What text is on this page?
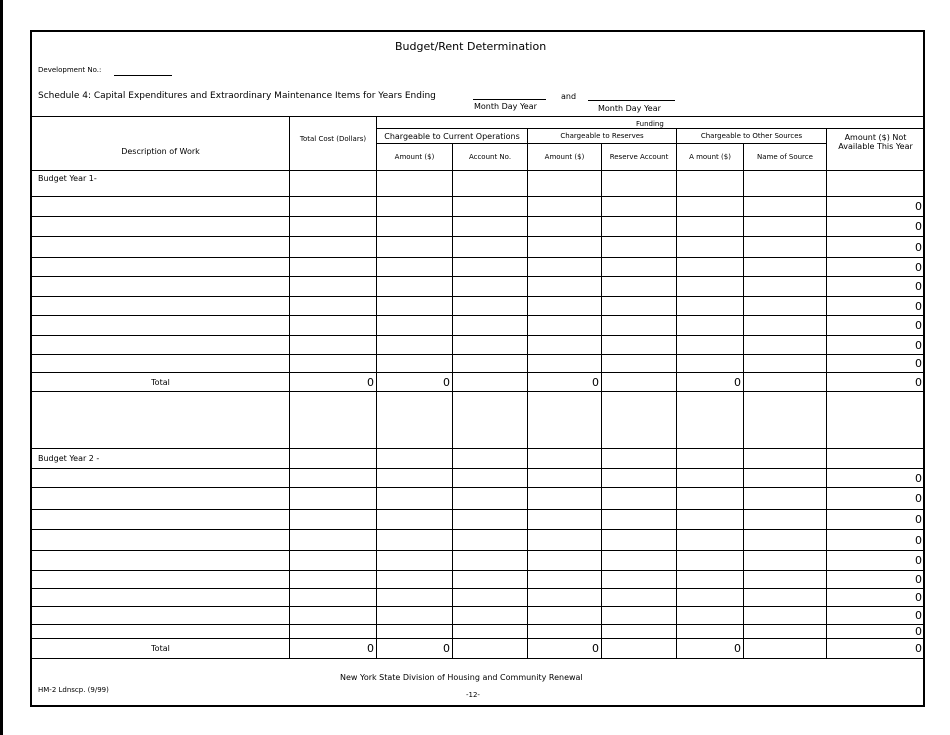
Budget/Rent Determination
Development No.:
Schedule 4: Capital Expenditures and Extraordinary Maintenance Items for Years Ending	and
Month Day Year	Month Day Year
Funding
Description of Work	Total Cost (Dollars)							
		Chargeable to Current Operations		Chargeable to Reserves		Chargeable to Other Sources		Amount ($) Not Available This Year
		Amount ($)	Account No.	Amount ($)	Reserve Account	A mount ($)	Name of Source	
Budget Year 1-								
								0
								0
								0
								0
								0
								0
								0
								0
								0
Total	0	0		0		0		0

Budget Year 2 -								
								0
								0
								0
								0
								0
								0
								0
								0
								0
Total	0	0		0		0		0
New York State Division of Housing and Community Renewal
HM-2 Ldnscp. (9/99)
-12-
